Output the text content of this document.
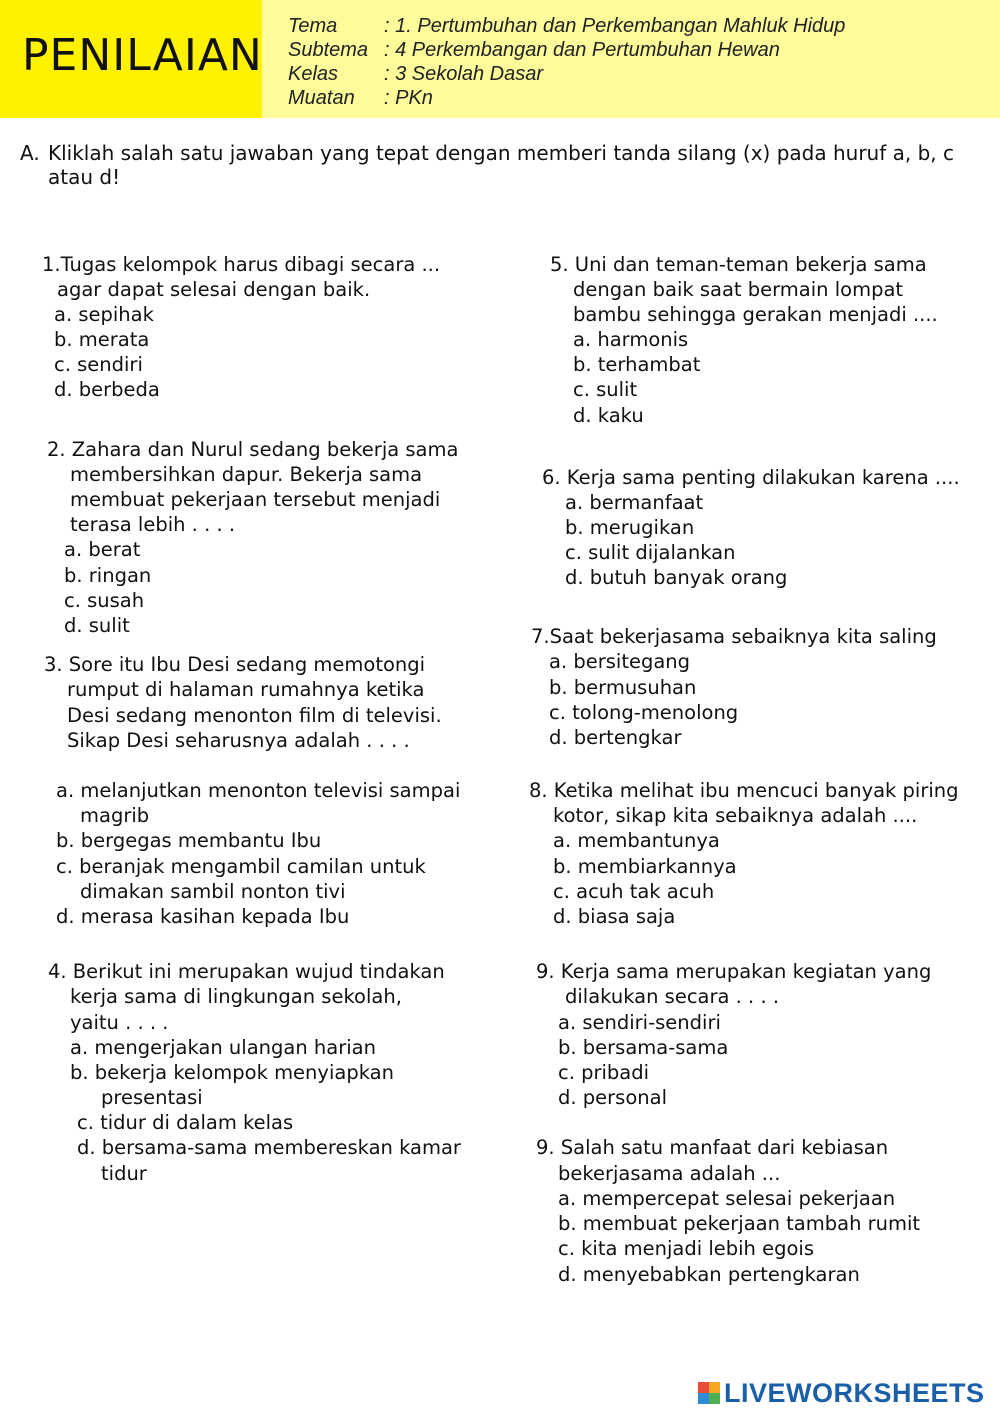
PENILAIAN
Tema : 1. Pertumbuhan dan Perkembangan Mahluk Hidup
Subtema : 4 Perkembangan dan Pertumbuhan Hewan
Kelas : 3 Sekolah Dasar
Muatan : PKn
A. Kliklah salah satu jawaban yang tepat dengan memberi tanda silang (x) pada huruf a, b, c
atau d!
1.Tugas kelompok harus dibagi secara ...
agar dapat selesai dengan baik.
a. sepihak
b. merata
c. sendiri
d. berbeda
2. Zahara dan Nurul sedang bekerja sama
membersihkan dapur. Bekerja sama
membuat pekerjaan tersebut menjadi
terasa lebih . . . .
a. berat
b. ringan
c. susah
d. sulit
3. Sore itu Ibu Desi sedang memotongi
rumput di halaman rumahnya ketika
Desi sedang menonton film di televisi.
Sikap Desi seharusnya adalah . . . .
a. melanjutkan menonton televisi sampai
magrib
b. bergegas membantu Ibu
c. beranjak mengambil camilan untuk
dimakan sambil nonton tivi
d. merasa kasihan kepada Ibu
4. Berikut ini merupakan wujud tindakan
kerja sama di lingkungan sekolah,
yaitu . . . .
a. mengerjakan ulangan harian
b. bekerja kelompok menyiapkan
presentasi
c. tidur di dalam kelas
d. bersama-sama membereskan kamar
tidur
5. Uni dan teman-teman bekerja sama
dengan baik saat bermain lompat
bambu sehingga gerakan menjadi ....
a. harmonis
b. terhambat
c. sulit
d. kaku
6. Kerja sama penting dilakukan karena ....
a. bermanfaat
b. merugikan
c. sulit dijalankan
d. butuh banyak orang
7.Saat bekerjasama sebaiknya kita saling
a. bersitegang
b. bermusuhan
c. tolong-menolong
d. bertengkar
8. Ketika melihat ibu mencuci banyak piring
kotor, sikap kita sebaiknya adalah ....
a. membantunya
b. membiarkannya
c. acuh tak acuh
d. biasa saja
9. Kerja sama merupakan kegiatan yang
dilakukan secara . . . .
a. sendiri-sendiri
b. bersama-sama
c. pribadi
d. personal
9. Salah satu manfaat dari kebiasan
bekerjasama adalah ...
a. mempercepat selesai pekerjaan
b. membuat pekerjaan tambah rumit
c. kita menjadi lebih egois
d. menyebabkan pertengkaran
LIVEWORKSHEETS
